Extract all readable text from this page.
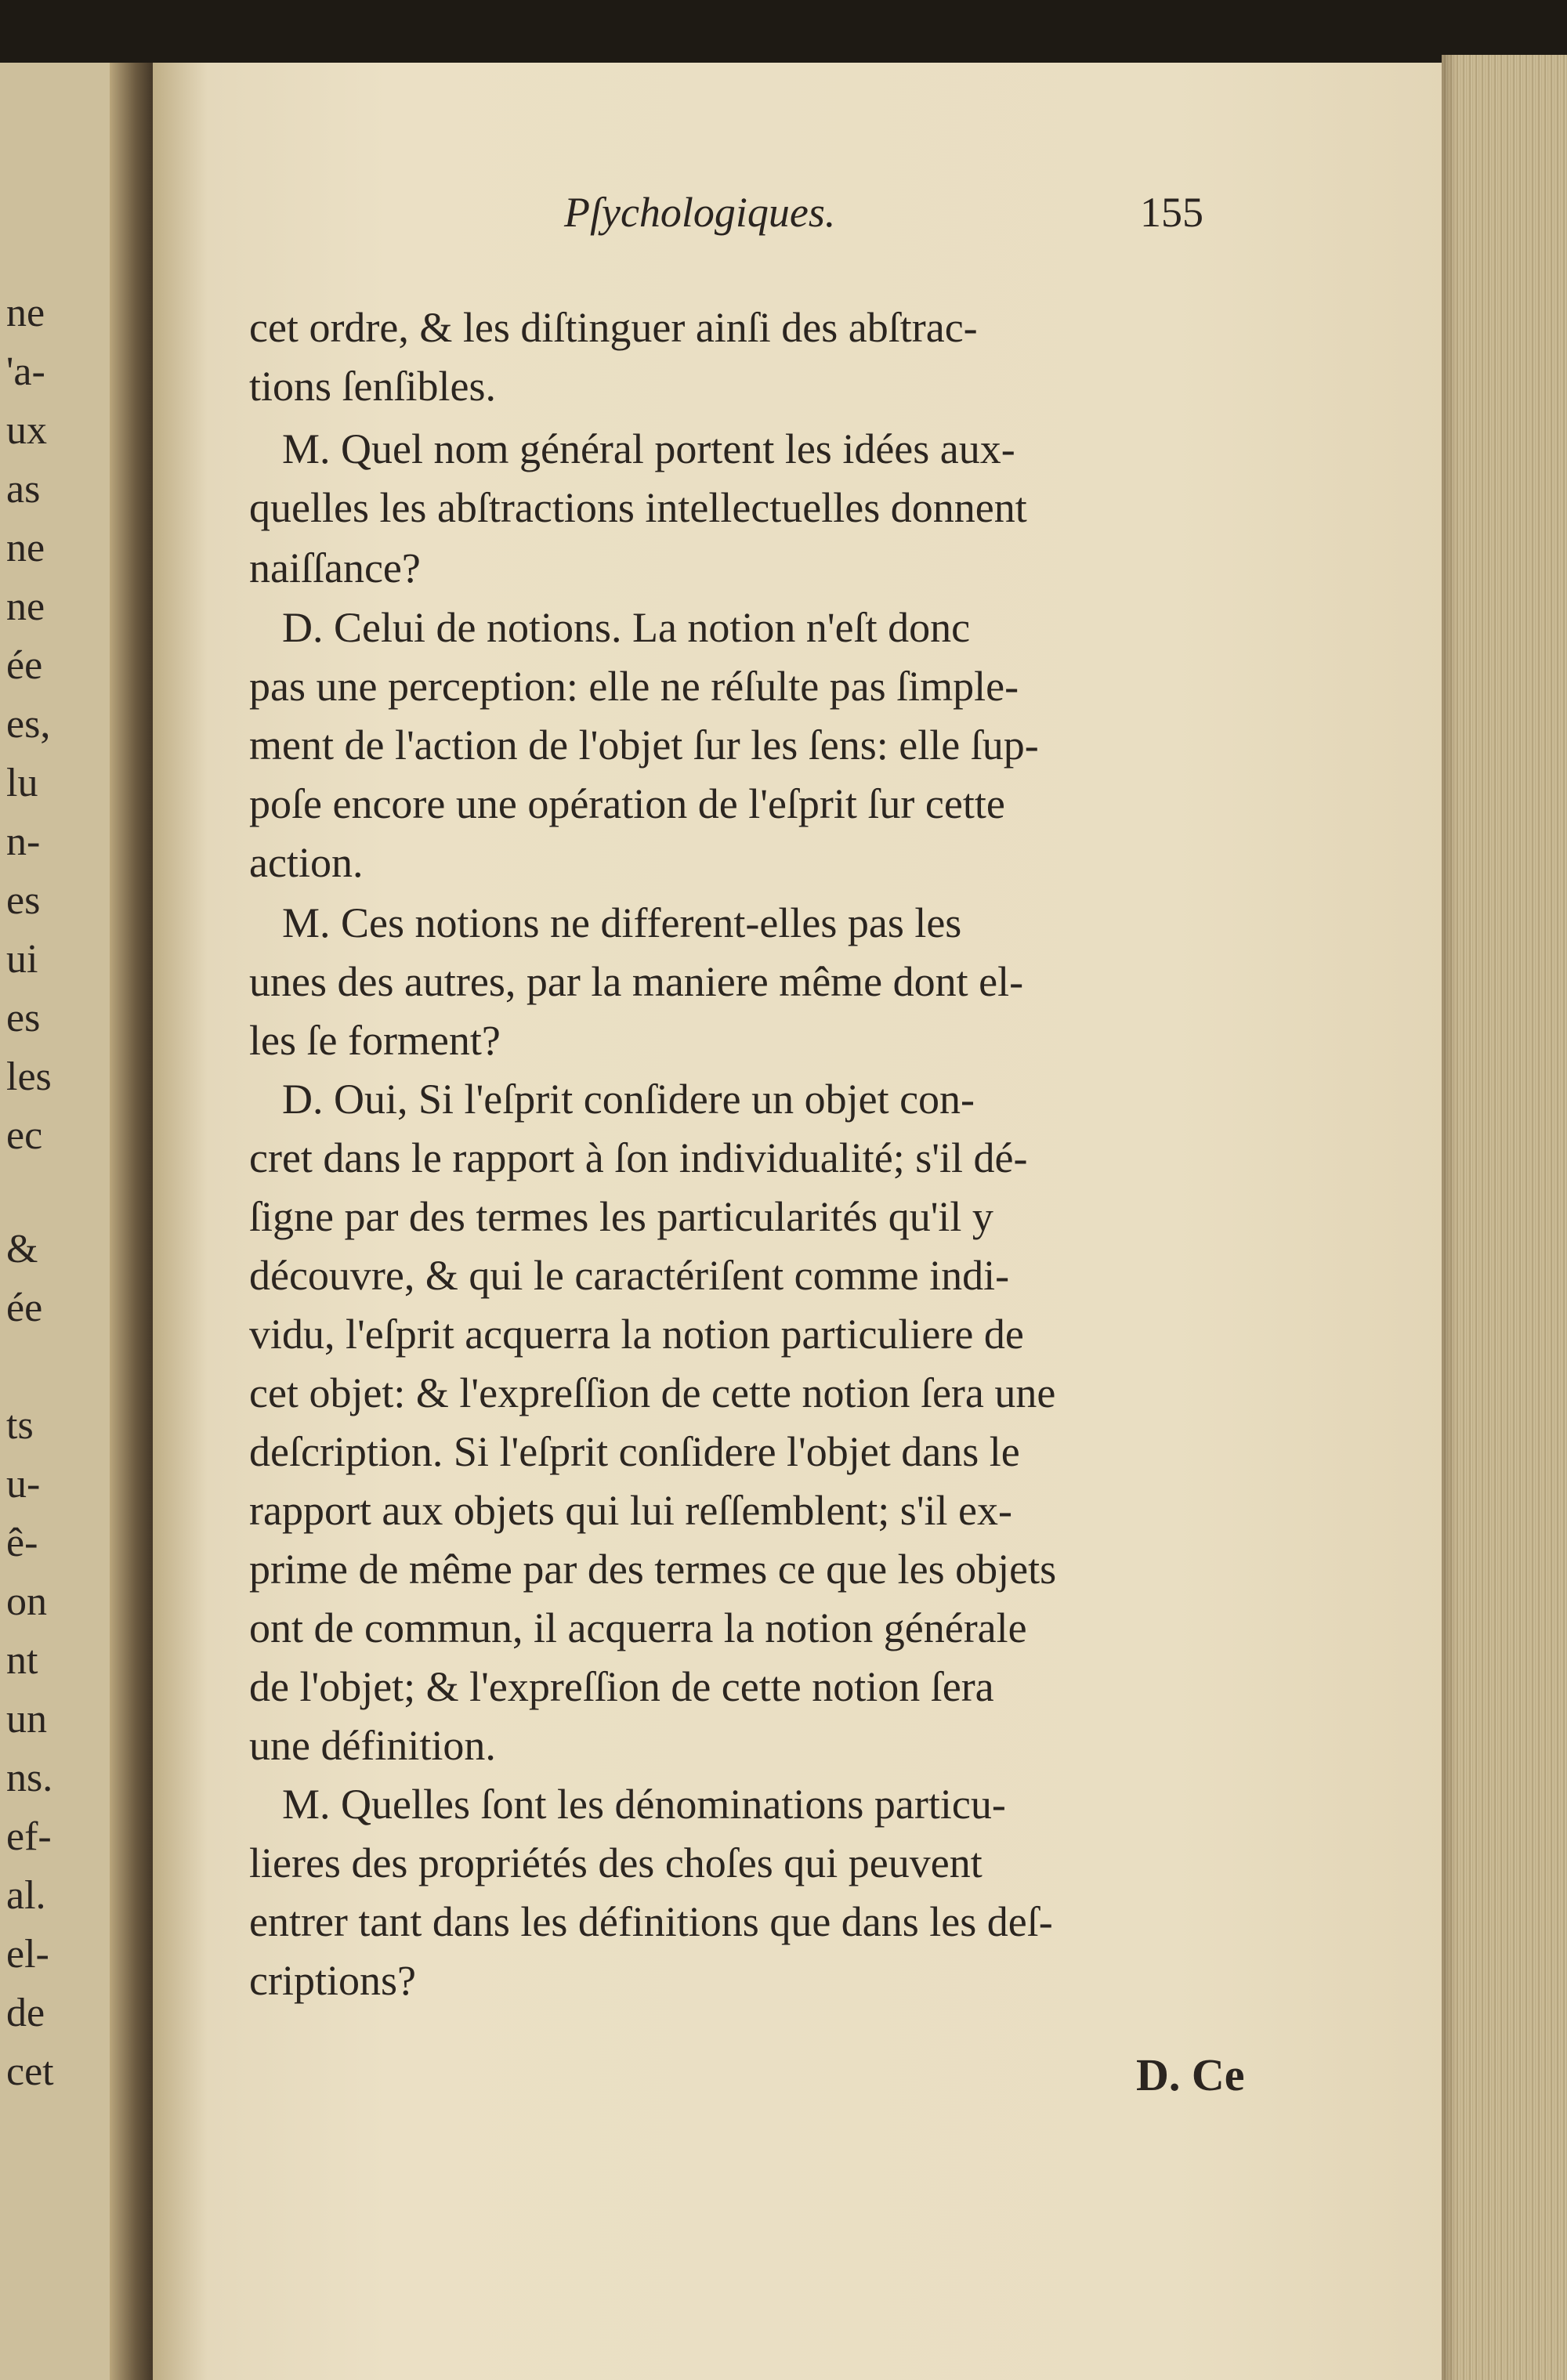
ne
'a-
ux
as
ne
ne
ée
es,
lu
n-
es
ui
es
les
ec
&
ée
ts
u-
ê-
on
nt
un
ns.
ef-
al.
el-
de
cet
Pſychologiques.	155
cet ordre, & les diſtinguer ainſi des abſtrac-
tions ſenſibles.
M. Quel nom général portent les idées aux-
quelles les abſtractions intellectuelles donnent
naiſſance?
D. Celui de notions. La notion n'eſt donc
pas une perception: elle ne réſulte pas ſimple-
ment de l'action de l'objet ſur les ſens: elle ſup-
poſe encore une opération de l'eſprit ſur cette
action.
M. Ces notions ne different-elles pas les
unes des autres, par la maniere même dont el-
les ſe forment?
D. Oui, Si l'eſprit conſidere un objet con-
cret dans le rapport à ſon individualité; s'il dé-
ſigne par des termes les particularités qu'il y
découvre, & qui le caractériſent comme indi-
vidu, l'eſprit acquerra la notion particuliere de
cet objet: & l'expreſſion de cette notion ſera une
deſcription. Si l'eſprit conſidere l'objet dans le
rapport aux objets qui lui reſſemblent; s'il ex-
prime de même par des termes ce que les objets
ont de commun, il acquerra la notion générale
de l'objet; & l'expreſſion de cette notion ſera
une définition.
M. Quelles ſont les dénominations particu-
lieres des propriétés des choſes qui peuvent
entrer tant dans les définitions que dans les deſ-
criptions?
D. Ce
